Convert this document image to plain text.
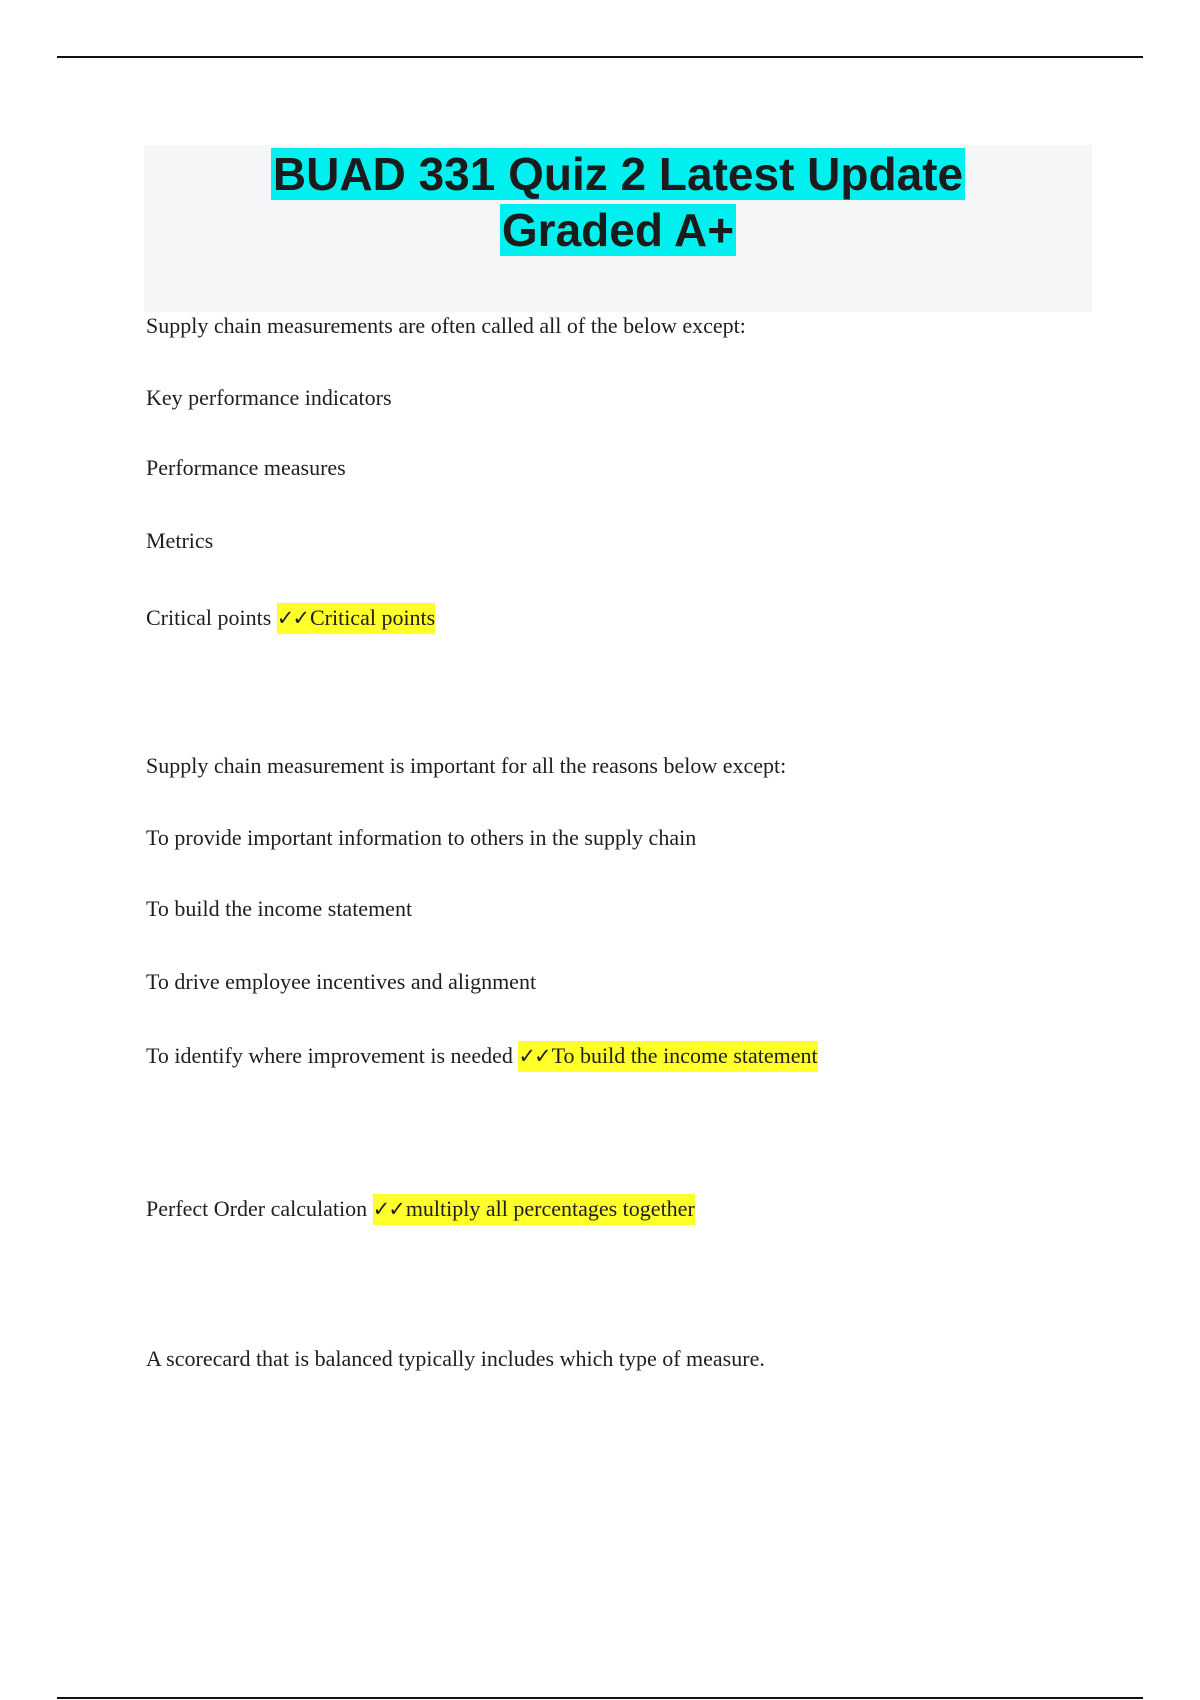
BUAD 331 Quiz 2 Latest Update
Graded A+
Supply chain measurements are often called all of the below except:
Key performance indicators
Performance measures
Metrics
Critical points ✓✓Critical points
Supply chain measurement is important for all the reasons below except:
To provide important information to others in the supply chain
To build the income statement
To drive employee incentives and alignment
To identify where improvement is needed ✓✓To build the income statement
Perfect Order calculation ✓✓multiply all percentages together
A scorecard that is balanced typically includes which type of measure.
